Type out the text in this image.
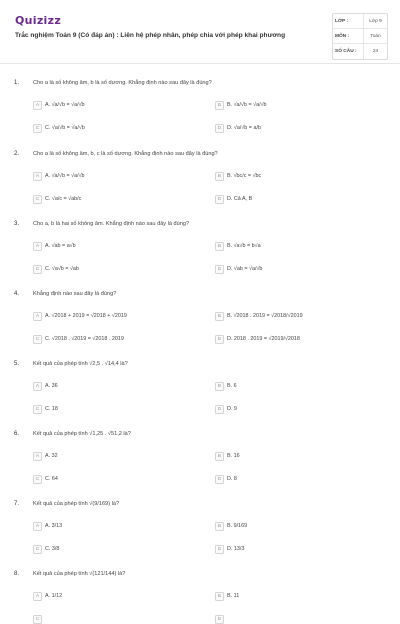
Quizizz
Trắc nghiệm Toán 9 (Có đáp án) : Liên hệ phép nhân, phép chia với phép khai phương
LỚP :	Lớp 9
MÔN :	Toán
SỐ CÂU :	24
1. Cho a là số không âm, b là số dương. Khẳng định nào sau đây là đúng?
A	A. √a/√b = √a/√b	B	B. √a/√b = √a/√b
C	C. √a/√b = √a/√b	D	D. √a/√b = a/b
2. Cho a là số không âm, b, c là số dương. Khẳng định nào sau đây là đúng?
A	A. √a/√b = √a/√b	B	B. √bc/c = √bc
C	C. √a/c = √ab/c	D	D. Cả A, B
3. Cho a, b là hai số không âm. Khẳng định nào sau đây là đúng?
A	A. √ab = a√b	B	B. √a√b = b√a
C	C. √a√b = √ab	D	D. √ab = √a/√b
4. Khẳng định nào sau đây là đúng?
A	A. √2018 + 2019 = √2018 + √2019	B	B. √2018 . 2019 = √2018/√2019
C	C. √2018 . √2019 = √2018 . 2019	D	D. 2018 . 2019 = √2019/√2018
5. Kết quả của phép tính √2,5 . √14,4 là?
A	A. 36	B	B. 6
C	C. 18	D	D. 9
6. Kết quả của phép tính √1,25 . √51,2 là?
A	A. 32	B	B. 16
C	C. 64	D	D. 8
7. Kết quả của phép tính √(9/169) là?
A	A. 3/13	B	B. 9/169
C	C. 3/8	D	D. 13/3
8. Kết quả của phép tính √(121/144) là?
A	A. 1/12	B	B. 11
C	D
